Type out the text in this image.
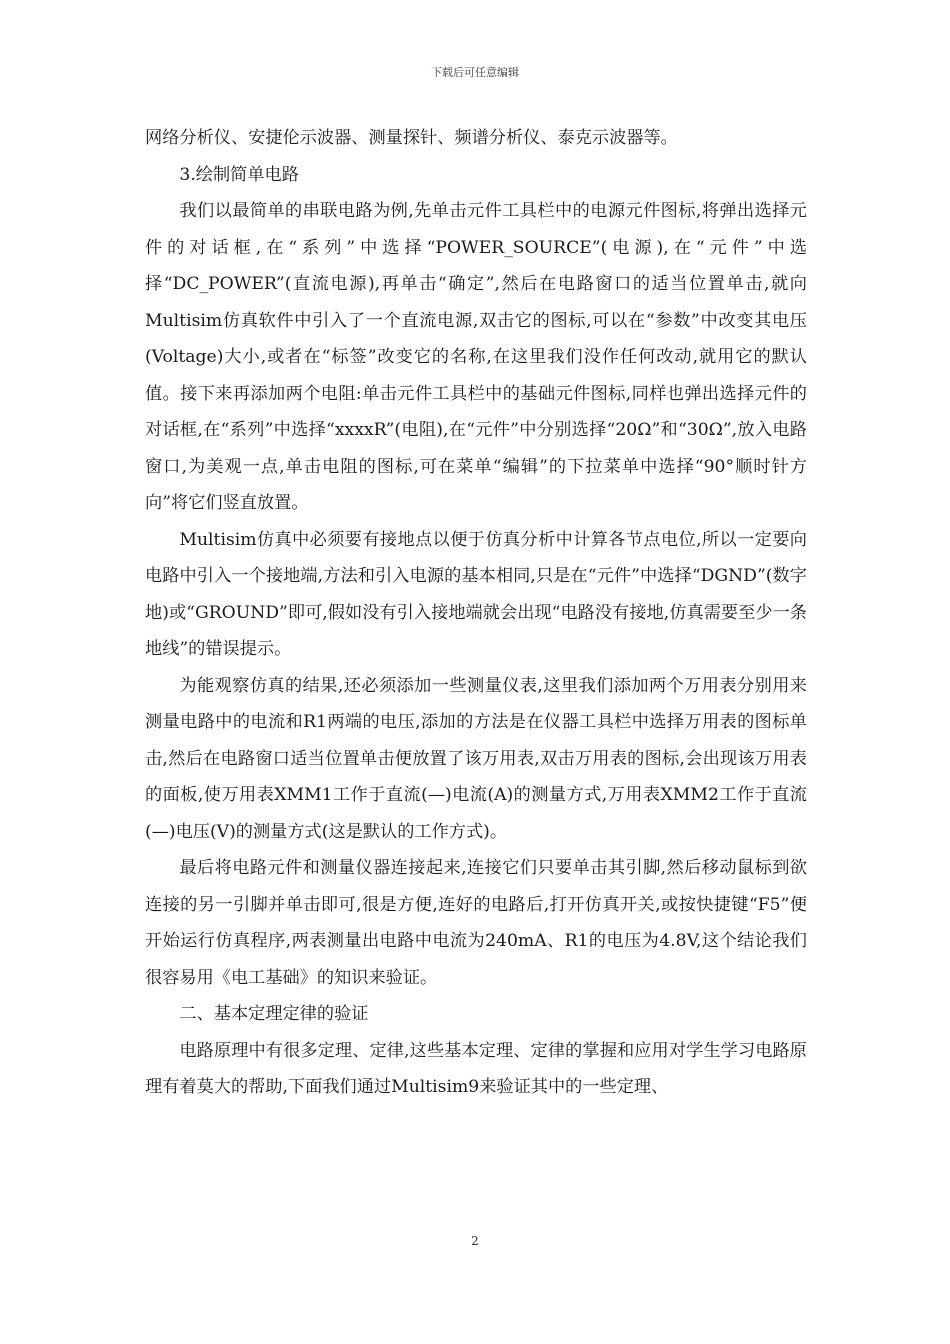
下载后可任意编辑

网络分析仪、安捷伦示波器、测量探针、频谱分析仪、泰克示波器等。

3.绘制简单电路

我们以最简单的串联电路为例,先单击元件工具栏中的电源元件图标,将弹出选择元件的对话框,在“系列”中选择“POWER_SOURCE”(电源),在“元件”中选择“DC_POWER”(直流电源),再单击“确定”,然后在电路窗口的适当位置单击,就向Multisim仿真软件中引入了一个直流电源,双击它的图标,可以在“参数”中改变其电压(Voltage)大小,或者在“标签”改变它的名称,在这里我们没作任何改动,就用它的默认值。接下来再添加两个电阻:单击元件工具栏中的基础元件图标,同样也弹出选择元件的对话框,在“系列”中选择“xxxxR”(电阻),在“元件”中分别选择“20Ω”和“30Ω”,放入电路窗口,为美观一点,单击电阻的图标,可在菜单“编辑”的下拉菜单中选择“90°顺时针方向”将它们竖直放置。

Multisim仿真中必须要有接地点以便于仿真分析中计算各节点电位,所以一定要向电路中引入一个接地端,方法和引入电源的基本相同,只是在“元件”中选择“DGND”(数字地)或“GROUND”即可,假如没有引入接地端就会出现“电路没有接地,仿真需要至少一条地线”的错误提示。

为能观察仿真的结果,还必须添加一些测量仪表,这里我们添加两个万用表分别用来测量电路中的电流和R1两端的电压,添加的方法是在仪器工具栏中选择万用表的图标单击,然后在电路窗口适当位置单击便放置了该万用表,双击万用表的图标,会出现该万用表的面板,使万用表XMM1工作于直流(—)电流(A)的测量方式,万用表XMM2工作于直流(—)电压(V)的测量方式(这是默认的工作方式)。

最后将电路元件和测量仪器连接起来,连接它们只要单击其引脚,然后移动鼠标到欲连接的另一引脚并单击即可,很是方便,连好的电路后,打开仿真开关,或按快捷键“F5”便开始运行仿真程序,两表测量出电路中电流为240mA、R1的电压为4.8V,这个结论我们很容易用《电工基础》的知识来验证。

二、基本定理定律的验证

电路原理中有很多定理、定律,这些基本定理、定律的掌握和应用对学生学习电路原理有着莫大的帮助,下面我们通过Multisim9来验证其中的一些定理、

2
